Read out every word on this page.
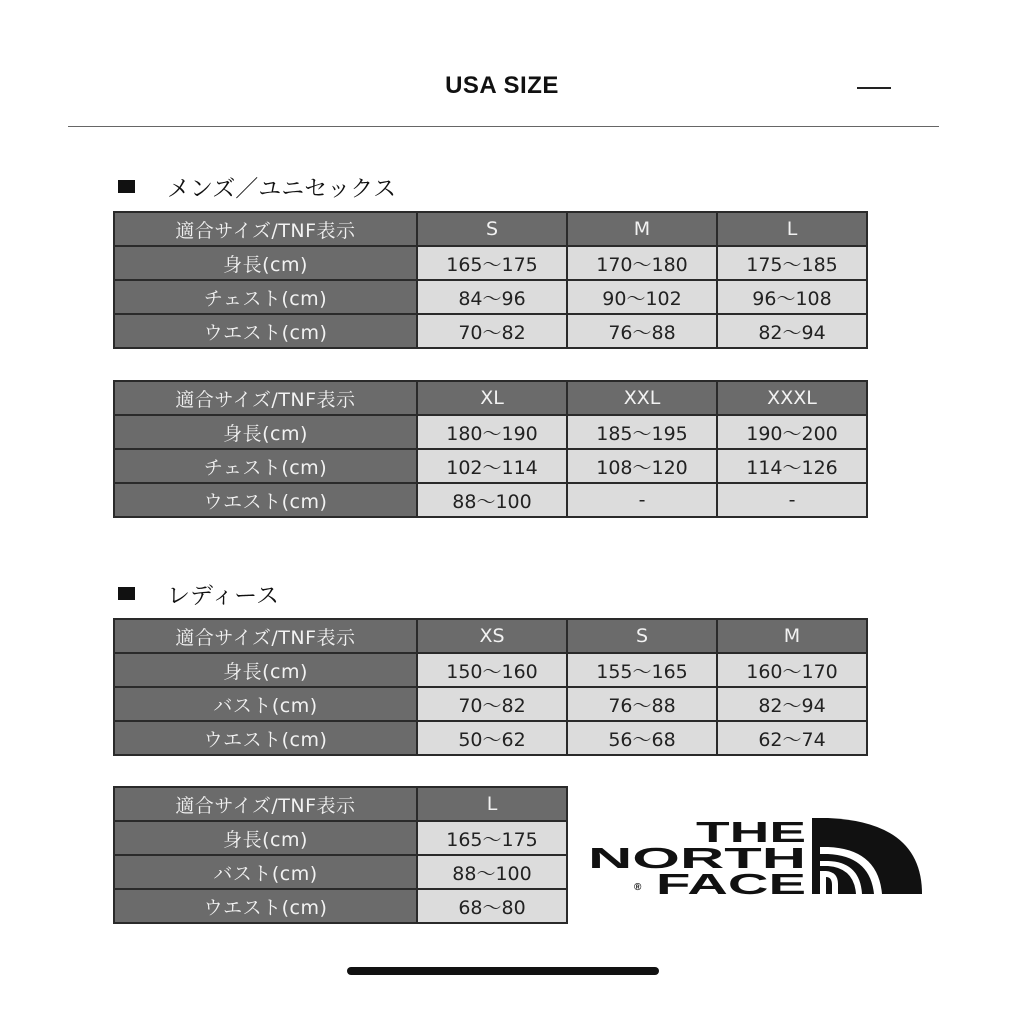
USA SIZE
メンズ／ユニセックス
適合サイズ/TNF表示	S	M	L
身長(cm)	165〜175	170〜180	175〜185
チェスト(cm)	84〜96	90〜102	96〜108
ウエスト(cm)	70〜82	76〜88	82〜94
適合サイズ/TNF表示	XL	XXL	XXXL
身長(cm)	180〜190	185〜195	190〜200
チェスト(cm)	102〜114	108〜120	114〜126
ウエスト(cm)	88〜100	-	-
レディース
適合サイズ/TNF表示	XS	S	M
身長(cm)	150〜160	155〜165	160〜170
バスト(cm)	70〜82	76〜88	82〜94
ウエスト(cm)	50〜62	56〜68	62〜74
適合サイズ/TNF表示	L
身長(cm)	165〜175
バスト(cm)	88〜100
ウエスト(cm)	68〜80
THE
NORTH
FACE
®
